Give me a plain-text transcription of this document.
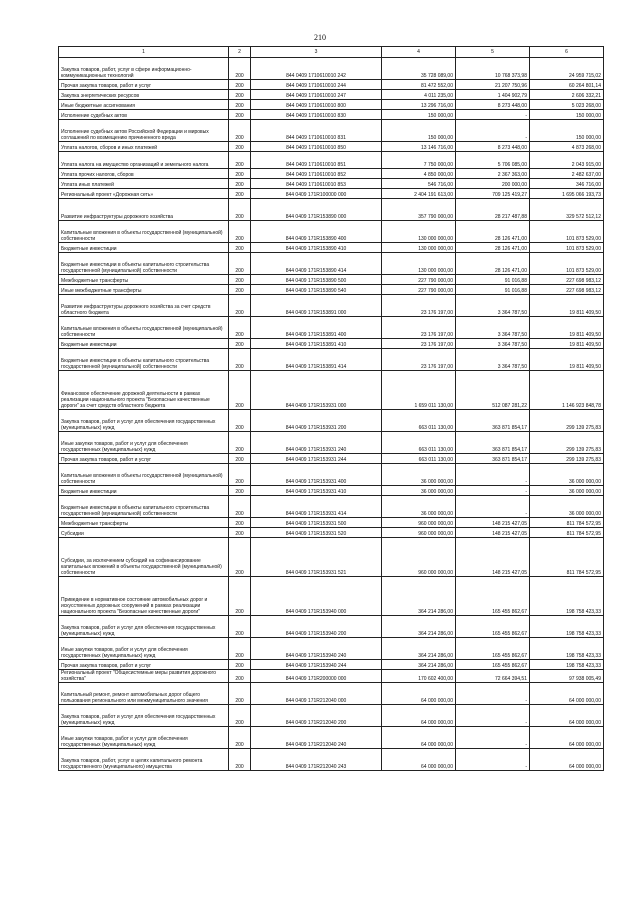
210
1	2	3	4	5	6
Закупка товаров, работ, услуг в сфере информационно-коммуникационных технологий	200	844 0409 1710610010 242	35 728 089,00	10 768 373,98	24 959 715,02
Прочая закупка товаров, работ и услуг	200	844 0409 1710610010 244	81 472 552,00	21 207 750,96	60 264 801,14
Закупка энергетических ресурсов	200	844 0409 1710610010 247	4 011 235,00	1 404 902,79	2 606 332,21
Иные бюджетные ассигнования	200	844 0409 1710610010 800	13 296 716,00	8 273 448,00	5 023 268,00
Исполнение судебных актов	200	844 0409 1710610010 830	150 000,00	-	150 000,00
Исполнение судебных актов Российской Федерации и мировых соглашений по возмещению причиненного вреда	200	844 0409 1710610010 831	150 000,00	-	150 000,00
Уплата налогов, сборов и иных платежей	200	844 0409 1710610010 850	13 146 716,00	8 273 448,00	4 873 268,00
Уплата налога на имущество организаций и земельного налога	200	844 0409 1710610010 851	7 750 000,00	5 706 085,00	2 043 915,00
Уплата прочих налогов, сборов	200	844 0409 1710610010 852	4 850 000,00	2 367 363,00	2 482 637,00
Уплата иных платежей	200	844 0409 1710610010 853	546 716,00	200 000,00	346 716,00
Региональный проект «Дорожная сеть»	200	844 0409 171R100000 000	2 404 191 613,00	709 125 419,27	1 695 066 193,73
Развитие инфраструктуры дорожного хозяйства	200	844 0409 171R153890 000	357 790 000,00	28 217 487,88	329 572 512,12
Капитальные вложения в объекты государственной (муниципальной) собственности	200	844 0409 171R153890 400	130 000 000,00	28 126 471,00	101 873 529,00
Бюджетные инвестиции	200	844 0409 171R153890 410	130 000 000,00	28 126 471,00	101 873 529,00
Бюджетные инвестиции в объекты капитального строительства государственной (муниципальной) собственности	200	844 0409 171R153890 414	130 000 000,00	28 126 471,00	101 873 529,00
Межбюджетные трансферты	200	844 0409 171R153890 500	227 790 000,00	91 016,88	227 698 983,12
Иные межбюджетные трансферты	200	844 0409 171R153890 540	227 790 000,00	91 016,88	227 698 983,12
Развитие инфраструктуры дорожного хозяйства за счет средств областного бюджета	200	844 0409 171R153891 000	23 176 197,00	3 364 787,50	19 811 409,50
Капитальные вложения в объекты государственной (муниципальной) собственности	200	844 0409 171R153891 400	23 176 197,00	3 364 787,50	19 811 409,50
Бюджетные инвестиции	200	844 0409 171R153891 410	23 176 197,00	3 364 787,50	19 811 409,50
Бюджетные инвестиции в объекты капитального строительства государственной (муниципальной) собственности	200	844 0409 171R153891 414	23 176 197,00	3 364 787,50	19 811 409,50
Финансовое обеспечение дорожной деятельности в рамках реализации национального проекта "Безопасные качественные дороги" за счет средств областного бюджета	200	844 0409 171R153931 000	1 659 011 130,00	512 087 281,22	1 146 923 848,78
Закупка товаров, работ и услуг для обеспечения государственных (муниципальных) нужд	200	844 0409 171R153931 200	663 011 130,00	363 871 854,17	299 139 275,83
Иные закупки товаров, работ и услуг для обеспечения государственных (муниципальных) нужд	200	844 0409 171R153931 240	663 011 130,00	363 871 854,17	299 139 275,83
Прочая закупка товаров, работ и услуг	200	844 0409 171R153931 244	663 011 130,00	363 871 854,17	299 139 275,83
Капитальные вложения в объекты государственной (муниципальной) собственности	200	844 0409 171R153931 400	36 000 000,00	-	36 000 000,00
Бюджетные инвестиции	200	844 0409 171R153931 410	36 000 000,00	-	36 000 000,00
Бюджетные инвестиции в объекты капитального строительства государственной (муниципальной) собственности	200	844 0409 171R153931 414	36 000 000,00	-	36 000 000,00
Межбюджетные трансферты	200	844 0409 171R153931 500	960 000 000,00	148 215 427,05	811 784 572,95
Субсидии	200	844 0409 171R153931 520	960 000 000,00	148 215 427,05	811 784 572,95
Субсидии, за исключением субсидий на софинансирование капитальных вложений в объекты государственной (муниципальной) собственности	200	844 0409 171R153931 521	960 000 000,00	148 215 427,05	811 784 572,95
Приведение в нормативное состояние автомобильных дорог и искусственных дорожных сооружений в рамках реализации национального проекта "Безопасные качественные дороги"	200	844 0409 171R153940 000	364 214 286,00	165 455 862,67	198 758 423,33
Закупка товаров, работ и услуг для обеспечения государственных (муниципальных) нужд	200	844 0409 171R153940 200	364 214 286,00	165 455 862,67	198 758 423,33
Иные закупки товаров, работ и услуг для обеспечения государственных (муниципальных) нужд	200	844 0409 171R153940 240	364 214 286,00	165 455 862,67	198 758 423,33
Прочая закупка товаров, работ и услуг	200	844 0409 171R153940 244	364 214 286,00	165 455 862,67	198 758 423,33
Региональный проект "Общесистемные меры развития дорожного хозяйства"	200	844 0409 171R200000 000	170 602 400,00	72 664 394,51	97 938 005,49
Капитальный ремонт, ремонт автомобильных дорог общего пользования регионального или межмуниципального значения	200	844 0409 171R212040 000	64 000 000,00	-	64 000 000,00
Закупка товаров, работ и услуг для обеспечения государственных (муниципальных) нужд	200	844 0409 171R212040 200	64 000 000,00	-	64 000 000,00
Иные закупки товаров, работ и услуг для обеспечения государственных (муниципальных) нужд	200	844 0409 171R212040 240	64 000 000,00	-	64 000 000,00
Закупка товаров, работ, услуг в целях капитального ремонта государственного (муниципального) имущества	200	844 0409 171R212040 243	64 000 000,00	-	64 000 000,00
